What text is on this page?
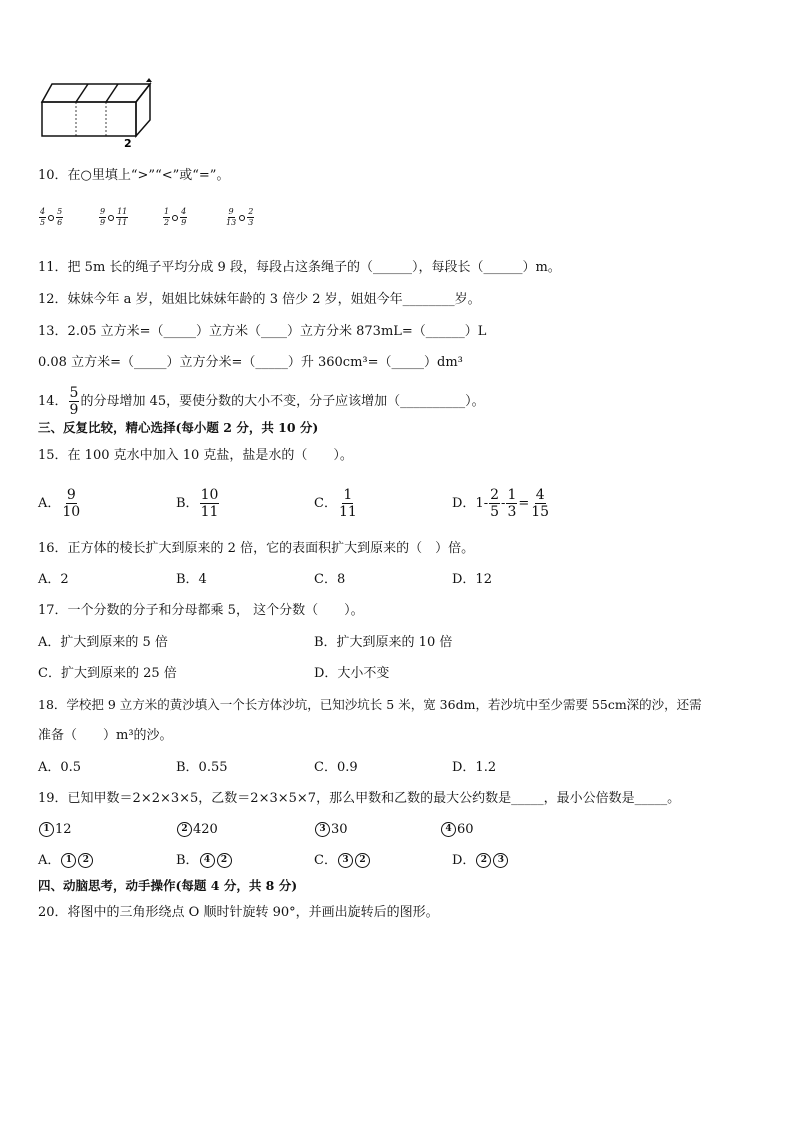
2
10．在○里填上“>”“<”或“=”。
$\frac{4}{5} \frac{5}{6}$	$\frac{9}{9} \frac{11}{11}$	$\frac{1}{2} \frac{4}{9}$	$\frac{9}{13} \frac{2}{3}$
11．把 5m 长的绳子平均分成 9 段，每段占这条绳子的（______），每段长（______）m。
12．妹妹今年 a 岁，姐姐比妹妹年龄的 3 倍少 2 岁，姐姐今年________岁。
13．2.05 立方米=（_____）立方米（____）立方分米 873mL=（______）L
0.08 立方米=（_____）立方分米=（_____）升 360cm³=（_____）dm³
14． $\frac{5}{9}$ 的分母增加 45，要使分数的大小不变，分子应该增加（__________）。
三、反复比较，精心选择(每小题 2 分，共 10 分)
15．在 100 克水中加入 10 克盐，盐是水的（　　）。
A． $\frac{9}{10}$	B． $\frac{10}{11}$	C． $\frac{1}{11}$	D．$1- \frac{2}{5} - \frac{1}{3} = \frac{4}{15}$
16．正方体的棱长扩大到原来的 2 倍，它的表面积扩大到原来的（　）倍。
A．2	B．4	C．8	D．12
17．一个分数的分子和分母都乘 5， 这个分数（　　）。
A．扩大到原来的 5 倍	B．扩大到原来的 10 倍
C．扩大到原来的 25 倍	D．大小不变
18．学校把 9 立方米的黄沙填入一个长方体沙坑，已知沙坑长 5 米，宽 36dm，若沙坑中至少需要 55cm深的沙，还需
准备（　　）m³的沙。
A．0.5	B．0.55	C．0.9	D．1.2
19．已知甲数＝2×2×3×5，乙数＝2×3×5×7，那么甲数和乙数的最大公约数是_____，最小公倍数是_____。
1 12	2 420	3 30	4 60
A． 1 2	B． 4 2	C． 3 2	D． 2 3
四、动脑思考，动手操作(每题 4 分，共 8 分)
20．将图中的三角形绕点 O 顺时针旋转 90°，并画出旋转后的图形。
